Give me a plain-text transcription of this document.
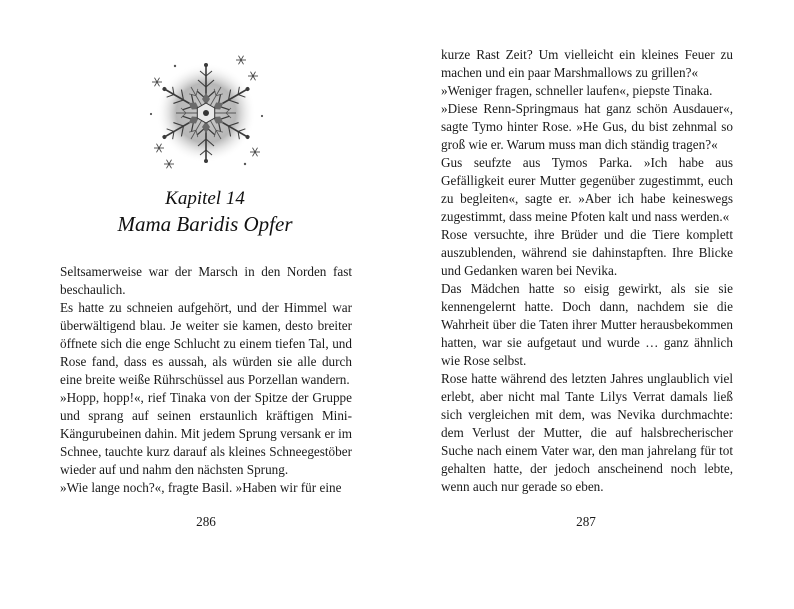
Kapitel 14
Mama Baridis Opfer

Seltsamerweise war der Marsch in den Norden fast beschaulich.

Es hatte zu schneien aufgehört, und der Himmel war überwältigend blau. Je weiter sie kamen, desto breiter öffnete sich die enge Schlucht zu einem tiefen Tal, und Rose fand, dass es aussah, als würden sie alle durch eine breite weiße Rührschüssel aus Porzellan wandern.

»Hopp, hopp!«, rief Tinaka von der Spitze der Gruppe und sprang auf seinen erstaunlich kräftigen Mini-Kängurubeinen dahin. Mit jedem Sprung versank er im Schnee, tauchte kurz darauf als kleines Schneegestöber wieder auf und nahm den nächsten Sprung.

»Wie lange noch?«, fragte Basil. »Haben wir für eine

286

kurze Rast Zeit? Um vielleicht ein kleines Feuer zu machen und ein paar Marshmallows zu grillen?«

»Weniger fragen, schneller laufen«, piepste Tinaka.

»Diese Renn-Springmaus hat ganz schön Ausdauer«, sagte Tymo hinter Rose. »He Gus, du bist zehnmal so groß wie er. Warum muss man dich ständig tragen?«

Gus seufzte aus Tymos Parka. »Ich habe aus Gefälligkeit eurer Mutter gegenüber zugestimmt, euch zu begleiten«, sagte er. »Aber ich habe keineswegs zugestimmt, dass meine Pfoten kalt und nass werden.«

Rose versuchte, ihre Brüder und die Tiere komplett auszublenden, während sie dahinstapften. Ihre Blicke und Gedanken waren bei Nevika.

Das Mädchen hatte so eisig gewirkt, als sie sie kennengelernt hatte. Doch dann, nachdem sie die Wahrheit über die Taten ihrer Mutter herausbekommen hatten, war sie aufgetaut und wurde … ganz ähnlich wie Rose selbst.

Rose hatte während des letzten Jahres unglaublich viel erlebt, aber nicht mal Tante Lilys Verrat damals ließ sich vergleichen mit dem, was Nevika durchmachte: dem Verlust der Mutter, die auf halsbrecherischer Suche nach einem Vater war, den man jahrelang für tot gehalten hatte, der jedoch anscheinend noch lebte, wenn auch nur gerade so eben.

287
